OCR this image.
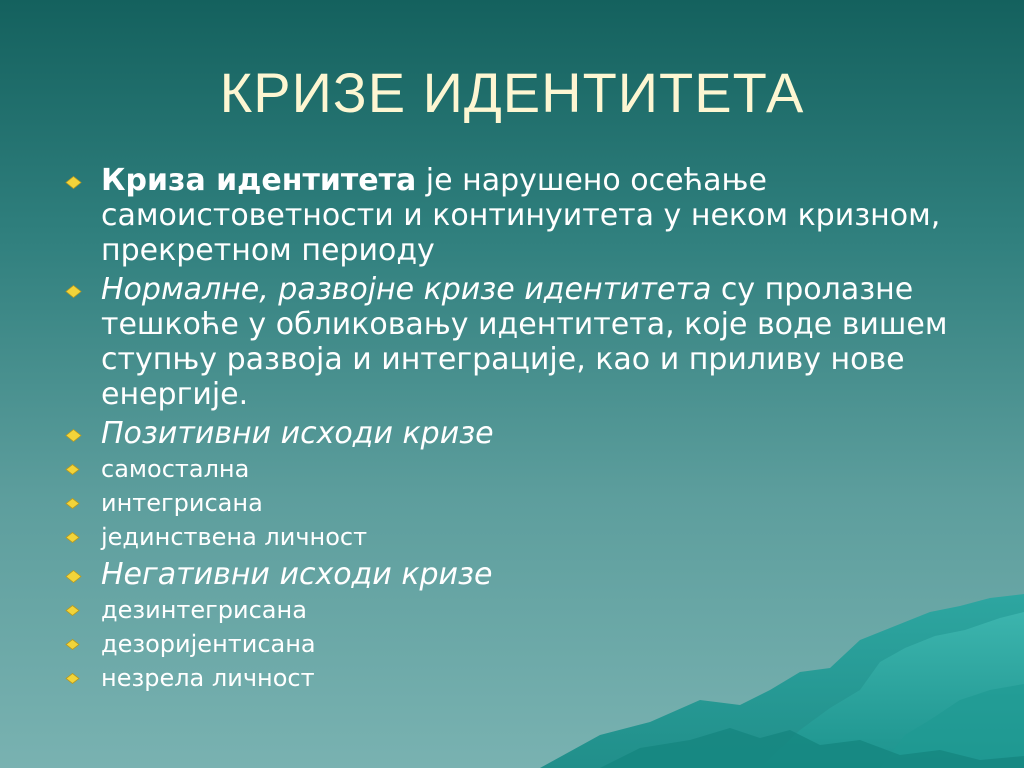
КРИЗЕ ИДЕНТИТЕТА
Криза идентитета је нарушено осећање самоистоветности и континуитета у неком кризном, прекретном периоду
Нормалне, развојне кризе идентитета су пролазне тешкоће у обликовању идентитета, које воде вишем ступњу развоја и интеграције, као и приливу нове енергије.
Позитивни исходи кризе
самостална
интегрисана
јединствена личност
Негативни исходи кризе
дезинтегрисана
дезоријентисана
незрела личност
